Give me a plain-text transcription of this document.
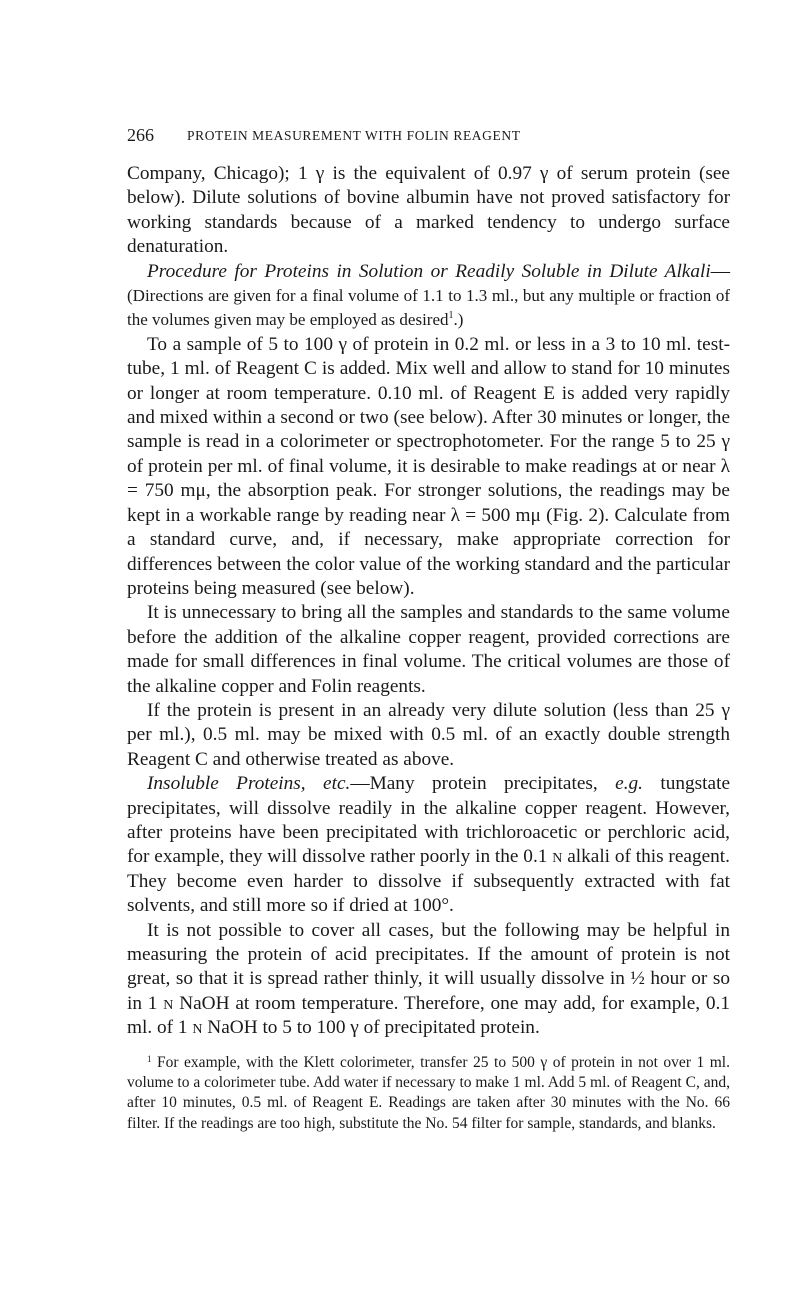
266 PROTEIN MEASUREMENT WITH FOLIN REAGENT

Company, Chicago); 1 γ is the equivalent of 0.97 γ of serum protein (see below). Dilute solutions of bovine albumin have not proved satisfactory for working standards because of a marked tendency to undergo surface denaturation.

Procedure for Proteins in Solution or Readily Soluble in Dilute Alkali—(Directions are given for a final volume of 1.1 to 1.3 ml., but any multiple or fraction of the volumes given may be employed as desired$^1$.)

To a sample of 5 to 100 γ of protein in 0.2 ml. or less in a 3 to 10 ml. test-tube, 1 ml. of Reagent C is added. Mix well and allow to stand for 10 minutes or longer at room temperature. 0.10 ml. of Reagent E is added very rapidly and mixed within a second or two (see below). After 30 minutes or longer, the sample is read in a colorimeter or spectrophotometer. For the range 5 to 25 γ of protein per ml. of final volume, it is desirable to make readings at or near λ = 750 mμ, the absorption peak. For stronger solutions, the readings may be kept in a workable range by reading near λ = 500 mμ (Fig. 2). Calculate from a standard curve, and, if necessary, make appropriate correction for differences between the color value of the working standard and the particular proteins being measured (see below).

It is unnecessary to bring all the samples and standards to the same volume before the addition of the alkaline copper reagent, provided corrections are made for small differences in final volume. The critical volumes are those of the alkaline copper and Folin reagents.

If the protein is present in an already very dilute solution (less than 25 γ per ml.), 0.5 ml. may be mixed with 0.5 ml. of an exactly double strength Reagent C and otherwise treated as above.

Insoluble Proteins, etc.—Many protein precipitates, e.g. tungstate precipitates, will dissolve readily in the alkaline copper reagent. However, after proteins have been precipitated with trichloroacetic or perchloric acid, for example, they will dissolve rather poorly in the 0.1 n alkali of this reagent. They become even harder to dissolve if subsequently extracted with fat solvents, and still more so if dried at 100°.

It is not possible to cover all cases, but the following may be helpful in measuring the protein of acid precipitates. If the amount of protein is not great, so that it is spread rather thinly, it will usually dissolve in ½ hour or so in 1 n NaOH at room temperature. Therefore, one may add, for example, 0.1 ml. of 1 n NaOH to 5 to 100 γ of precipitated protein.

$^1$ For example, with the Klett colorimeter, transfer 25 to 500 γ of protein in not over 1 ml. volume to a colorimeter tube. Add water if necessary to make 1 ml. Add 5 ml. of Reagent C, and, after 10 minutes, 0.5 ml. of Reagent E. Readings are taken after 30 minutes with the No. 66 filter. If the readings are too high, substitute the No. 54 filter for sample, standards, and blanks.
